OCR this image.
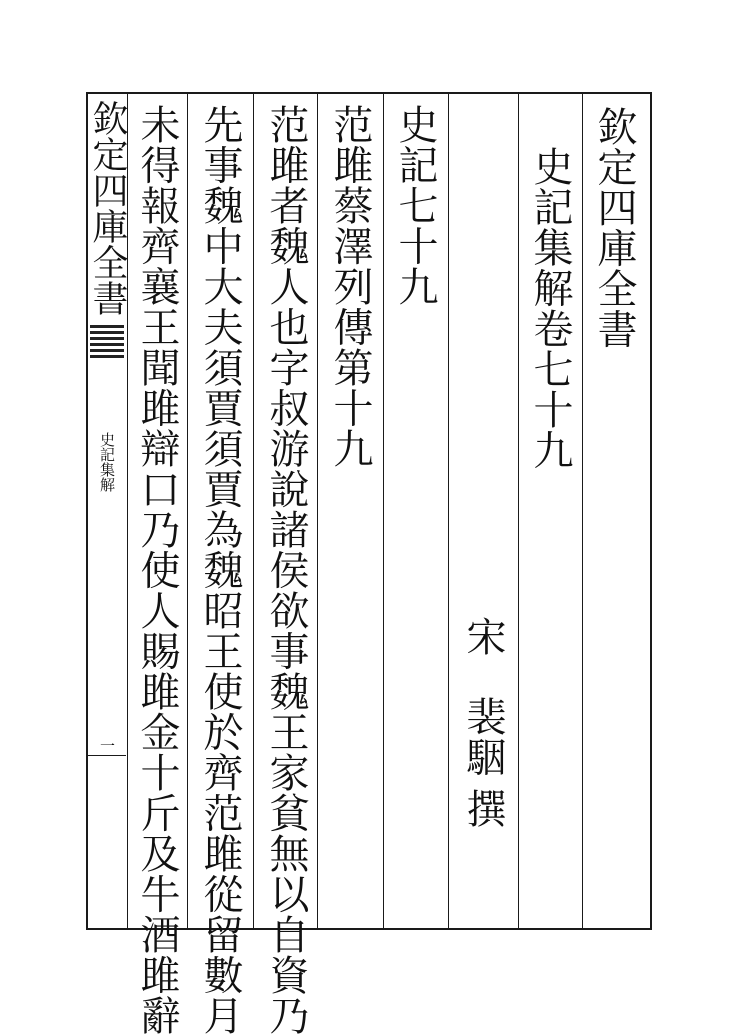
欽定四庫全書
史記集解
一
欽定四庫全書
史記集解卷七十九
宋
裴駰
撰
史記七十九
范雎蔡澤列傳第十九
范雎者魏人也字叔游說諸侯欲事魏王家貧無以自資乃
先事魏中大夫須賈須賈為魏昭王使於齊范雎從留數月
未得報齊襄王聞雎辯口乃使人賜雎金十斤及牛酒雎辭
